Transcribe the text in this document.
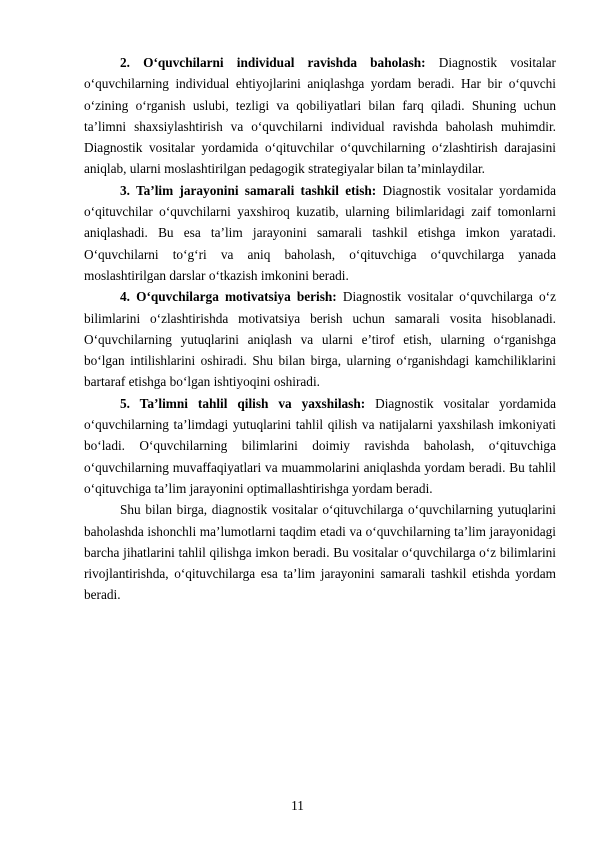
2. O‘quvchilarni individual ravishda baholash: Diagnostik vositalar o‘quvchilarning individual ehtiyojlarini aniqlashga yordam beradi. Har bir o‘quvchi o‘zining o‘rganish uslubi, tezligi va qobiliyatlari bilan farq qiladi. Shuning uchun ta’limni shaxsiylashtirish va o‘quvchilarni individual ravishda baholash muhimdir. Diagnostik vositalar yordamida o‘qituvchilar o‘quvchilarning o‘zlashtirish darajasini aniqlab, ularni moslashtirilgan pedagogik strategiyalar bilan ta’minlaydilar.

3. Ta’lim jarayonini samarali tashkil etish: Diagnostik vositalar yordamida o‘qituvchilar o‘quvchilarni yaxshiroq kuzatib, ularning bilimlaridagi zaif tomonlarni aniqlashadi. Bu esa ta’lim jarayonini samarali tashkil etishga imkon yaratadi. O‘quvchilarni to‘g‘ri va aniq baholash, o‘qituvchiga o‘quvchilarga yanada moslashtirilgan darslar o‘tkazish imkonini beradi.

4. O‘quvchilarga motivatsiya berish: Diagnostik vositalar o‘quvchilarga o‘z bilimlarini o‘zlashtirishda motivatsiya berish uchun samarali vosita hisoblanadi. O‘quvchilarning yutuqlarini aniqlash va ularni e’tirof etish, ularning o‘rganishga bo‘lgan intilishlarini oshiradi. Shu bilan birga, ularning o‘rganishdagi kamchiliklarini bartaraf etishga bo‘lgan ishtiyoqini oshiradi.

5. Ta’limni tahlil qilish va yaxshilash: Diagnostik vositalar yordamida o‘quvchilarning ta’limdagi yutuqlarini tahlil qilish va natijalarni yaxshilash imkoniyati bo‘ladi. O‘quvchilarning bilimlarini doimiy ravishda baholash, o‘qituvchiga o‘quvchilarning muvaffaqiyatlari va muammolarini aniqlashda yordam beradi. Bu tahlil o‘qituvchiga ta’lim jarayonini optimallashtirishga yordam beradi.

Shu bilan birga, diagnostik vositalar o‘qituvchilarga o‘quvchilarning yutuqlarini baholashda ishonchli ma’lumotlarni taqdim etadi va o‘quvchilarning ta’lim jarayonidagi barcha jihatlarini tahlil qilishga imkon beradi. Bu vositalar o‘quvchilarga o‘z bilimlarini rivojlantirishda, o‘qituvchilarga esa ta’lim jarayonini samarali tashkil etishda yordam beradi.

11
